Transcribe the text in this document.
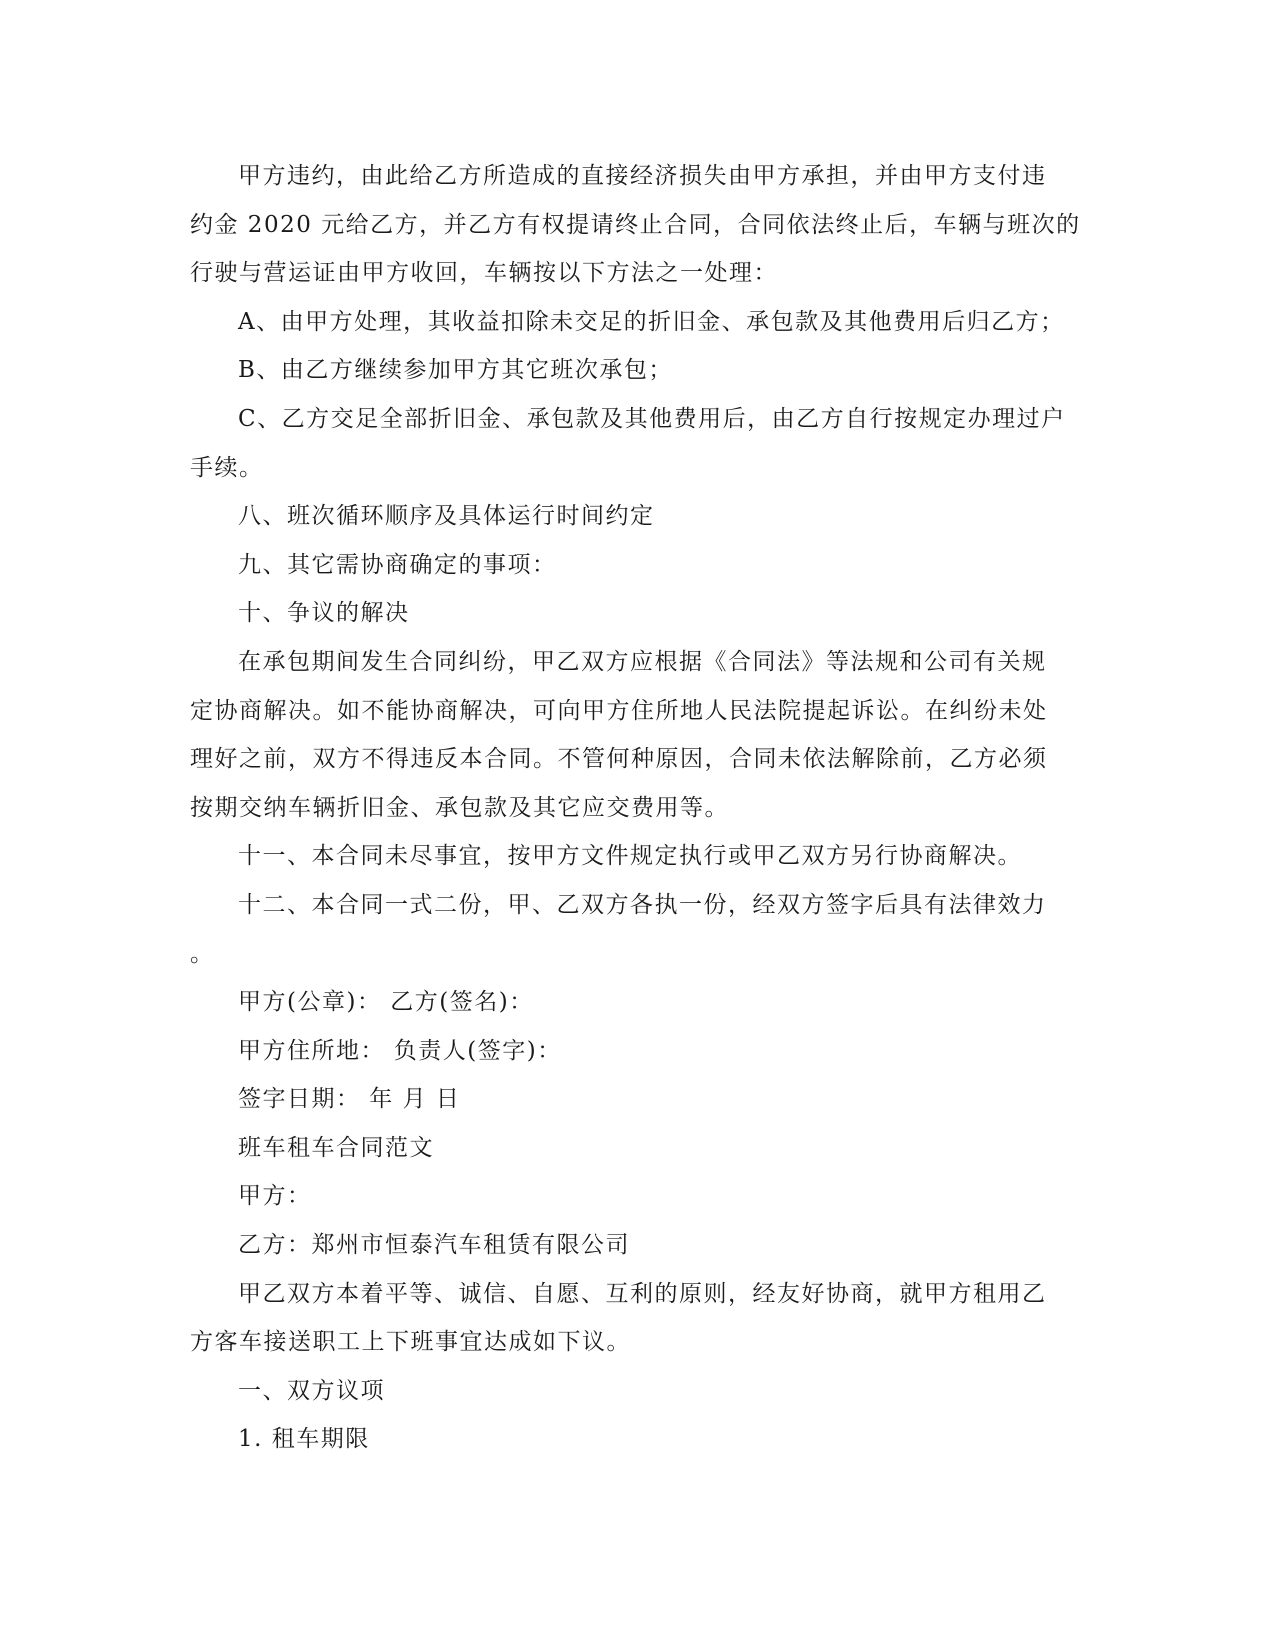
甲方违约，由此给乙方所造成的直接经济损失由甲方承担，并由甲方支付违
约金 2020 元给乙方，并乙方有权提请终止合同，合同依法终止后，车辆与班次的
行驶与营运证由甲方收回，车辆按以下方法之一处理：
A、由甲方处理，其收益扣除未交足的折旧金、承包款及其他费用后归乙方；
B、由乙方继续参加甲方其它班次承包；
C、乙方交足全部折旧金、承包款及其他费用后，由乙方自行按规定办理过户
手续。
八、班次循环顺序及具体运行时间约定
九、其它需协商确定的事项：
十、争议的解决
在承包期间发生合同纠纷，甲乙双方应根据《合同法》等法规和公司有关规
定协商解决。如不能协商解决，可向甲方住所地人民法院提起诉讼。在纠纷未处
理好之前，双方不得违反本合同。不管何种原因，合同未依法解除前，乙方必须
按期交纳车辆折旧金、承包款及其它应交费用等。
十一、本合同未尽事宜，按甲方文件规定执行或甲乙双方另行协商解决。
十二、本合同一式二份，甲、乙双方各执一份，经双方签字后具有法律效力
。
甲方(公章)： 乙方(签名)：
甲方住所地： 负责人(签字)：
签字日期： 年 月 日
班车租车合同范文
甲方：
乙方：郑州市恒泰汽车租赁有限公司
甲乙双方本着平等、诚信、自愿、互利的原则，经友好协商，就甲方租用乙
方客车接送职工上下班事宜达成如下议。
一、双方议项
1. 租车期限
